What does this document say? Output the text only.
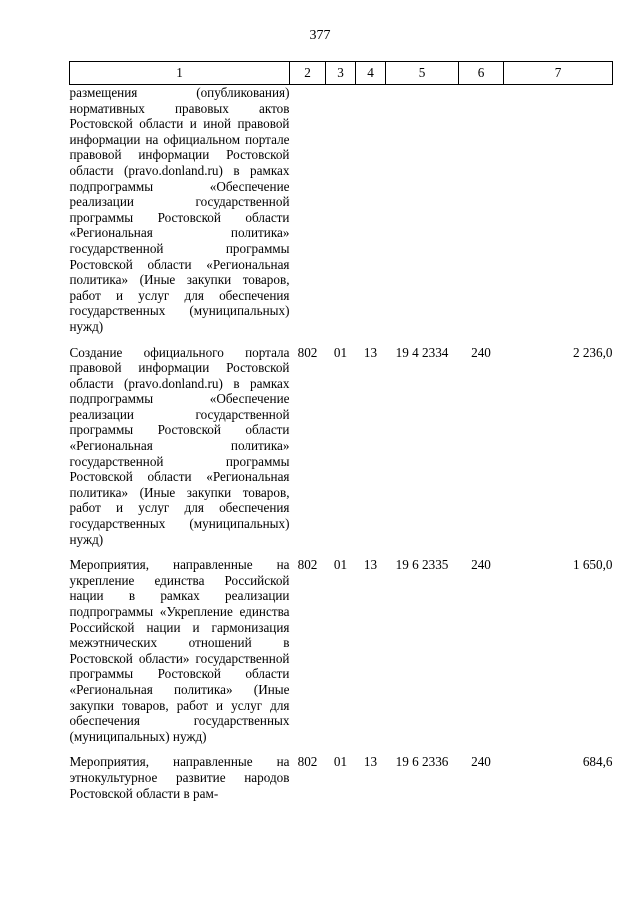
377
1	2	3	4	5	6	7
размещения (опубликования) нормативных правовых актов Ростовской области и иной правовой информации на официальном портале правовой информации Ростовской области (pravo.donland.ru) в рамках подпрограммы «Обеспечение реализации государственной программы Ростовской области «Региональная политика» государственной программы Ростовской области «Региональная политика» (Иные закупки товаров, работ и услуг для обеспечения государственных (муниципальных) нужд)						

Создание официального портала правовой информации Ростовской области (pravo.donland.ru) в рамках подпрограммы «Обеспечение реализации государственной программы Ростовской области «Региональная политика» государственной программы Ростовской области «Региональная политика» (Иные закупки товаров, работ и услуг для обеспечения государственных (муниципальных) нужд)	802	01	13	19 4 2334	240	2 236,0

Мероприятия, направленные на укрепление единства Российской нации в рамках реализации подпрограммы «Укрепление единства Российской нации и гармонизация межэтнических отношений в Ростовской области» государственной программы Ростовской области «Региональная политика» (Иные закупки товаров, работ и услуг для обеспечения государственных (муниципальных) нужд)	802	01	13	19 6 2335	240	1 650,0

Мероприятия, направленные на этнокультурное развитие народов Ростовской области в рам-	802	01	13	19 6 2336	240	684,6
